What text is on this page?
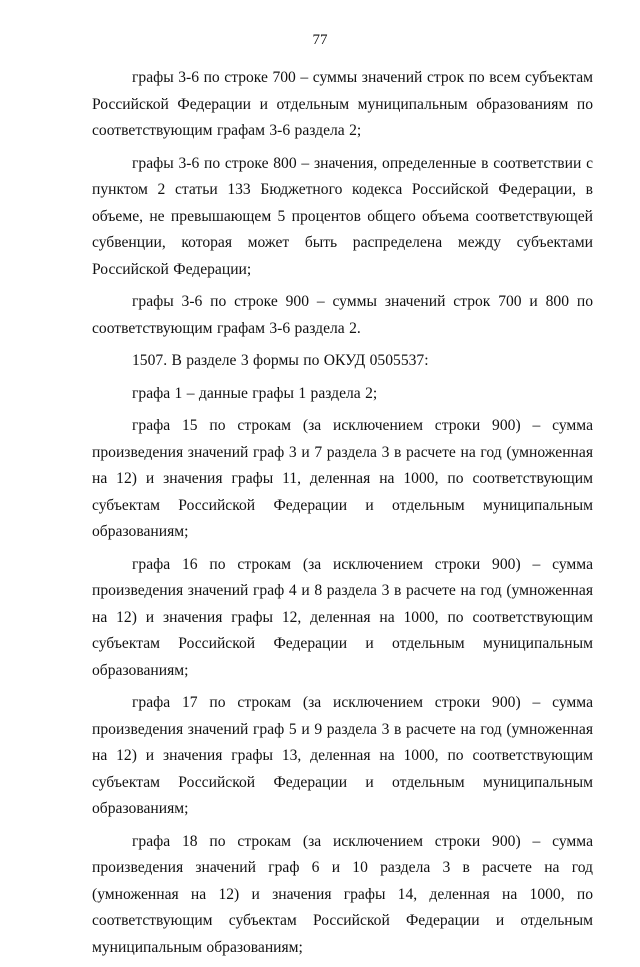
77

графы 3-6 по строке 700 – суммы значений строк по всем субъектам Российской Федерации и отдельным муниципальным образованиям по соответствующим графам 3-6 раздела 2;

графы 3-6 по строке 800 – значения, определенные в соответствии с пунктом 2 статьи 133 Бюджетного кодекса Российской Федерации, в объеме, не превышающем 5 процентов общего объема соответствующей субвенции, которая может быть распределена между субъектами Российской Федерации;

графы 3-6 по строке 900 – суммы значений строк 700 и 800 по соответствующим графам 3-6 раздела 2.

1507. В разделе 3 формы по ОКУД 0505537:

графа 1 – данные графы 1 раздела 2;

графа 15 по строкам (за исключением строки 900) – сумма произведения значений граф 3 и 7 раздела 3 в расчете на год (умноженная на 12) и значения графы 11, деленная на 1000, по соответствующим субъектам Российской Федерации и отдельным муниципальным образованиям;

графа 16 по строкам (за исключением строки 900) – сумма произведения значений граф 4 и 8 раздела 3 в расчете на год (умноженная на 12) и значения графы 12, деленная на 1000, по соответствующим субъектам Российской Федерации и отдельным муниципальным образованиям;

графа 17 по строкам (за исключением строки 900) – сумма произведения значений граф 5 и 9 раздела 3 в расчете на год (умноженная на 12) и значения графы 13, деленная на 1000, по соответствующим субъектам Российской Федерации и отдельным муниципальным образованиям;

графа 18 по строкам (за исключением строки 900) – сумма произведения значений граф 6 и 10 раздела 3 в расчете на год (умноженная на 12) и значения графы 14, деленная на 1000, по соответствующим субъектам Российской Федерации и отдельным муниципальным образованиям;
